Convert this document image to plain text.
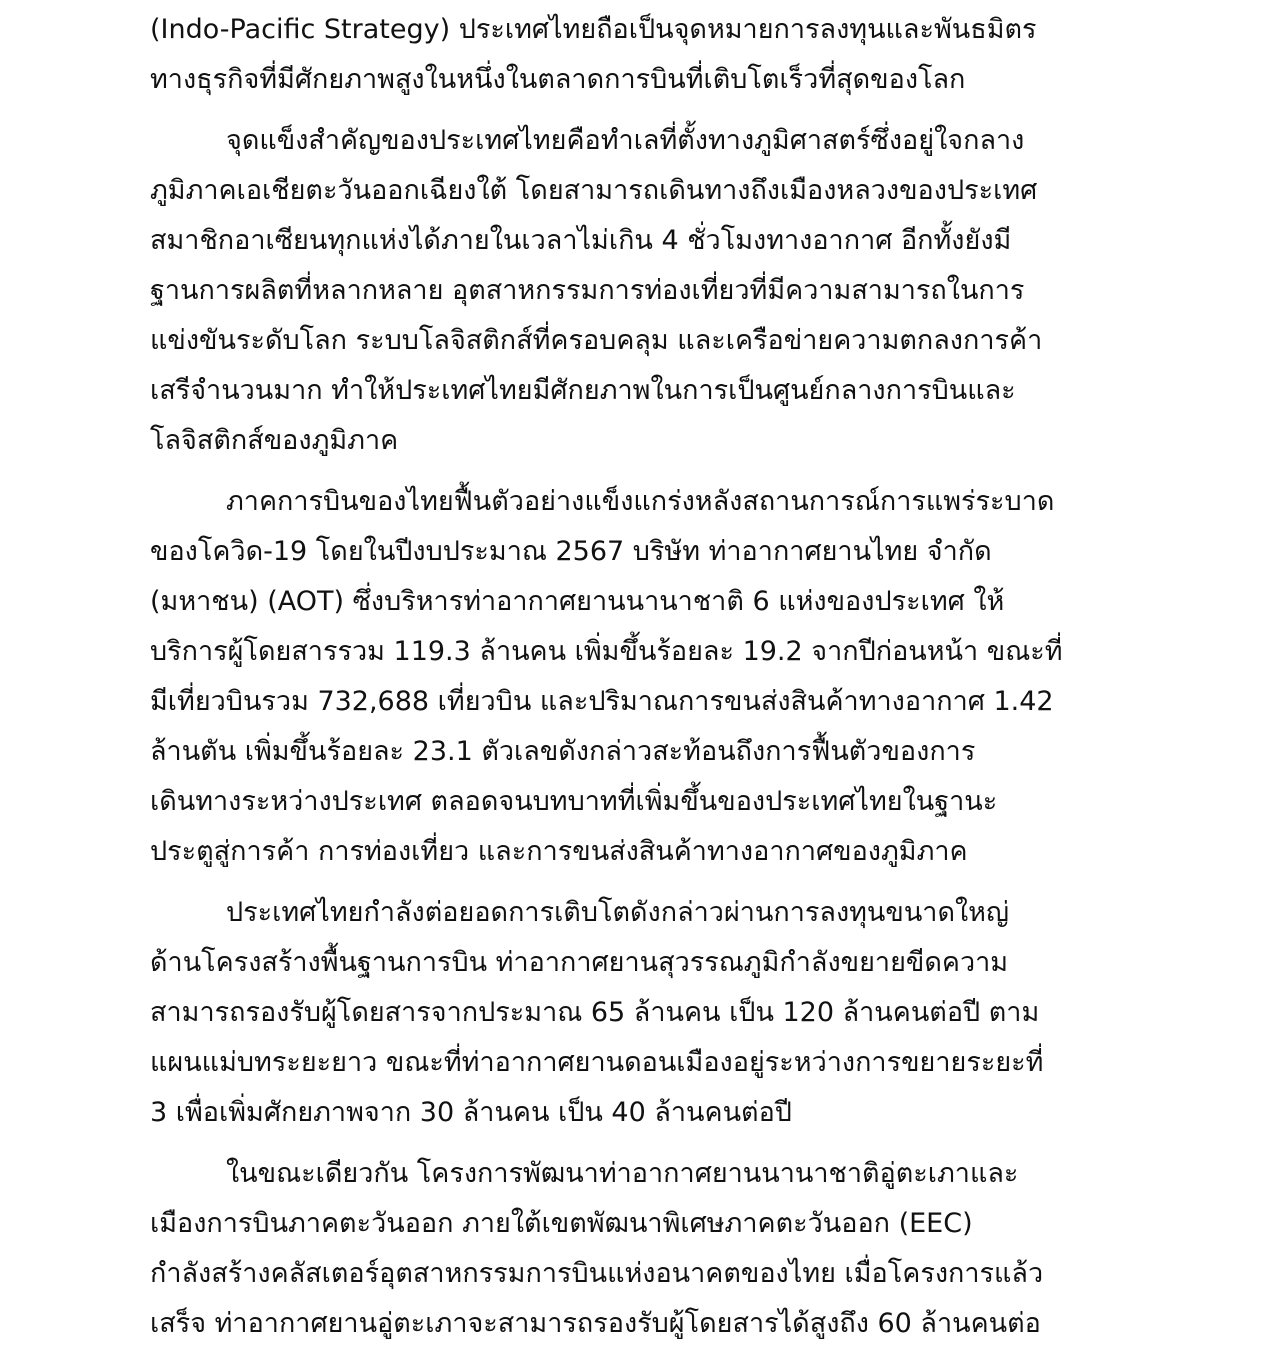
(Indo-Pacific Strategy) ประเทศไทยถือเป็นจุดหมายการลงทุนและพันธมิตร
ทางธุรกิจที่มีศักยภาพสูงในหนึ่งในตลาดการบินที่เติบโตเร็วที่สุดของโลก
จุดแข็งสำคัญของประเทศไทยคือทำเลที่ตั้งทางภูมิศาสตร์ซึ่งอยู่ใจกลาง
ภูมิภาคเอเชียตะวันออกเฉียงใต้ โดยสามารถเดินทางถึงเมืองหลวงของประเทศ
สมาชิกอาเซียนทุกแห่งได้ภายในเวลาไม่เกิน 4 ชั่วโมงทางอากาศ อีกทั้งยังมี
ฐานการผลิตที่หลากหลาย อุตสาหกรรมการท่องเที่ยวที่มีความสามารถในการ
แข่งขันระดับโลก ระบบโลจิสติกส์ที่ครอบคลุม และเครือข่ายความตกลงการค้า
เสรีจำนวนมาก ทำให้ประเทศไทยมีศักยภาพในการเป็นศูนย์กลางการบินและ
โลจิสติกส์ของภูมิภาค
ภาคการบินของไทยฟื้นตัวอย่างแข็งแกร่งหลังสถานการณ์การแพร่ระบาด
ของโควิด-19 โดยในปีงบประมาณ 2567 บริษัท ท่าอากาศยานไทย จำกัด
(มหาชน) (AOT) ซึ่งบริหารท่าอากาศยานนานาชาติ 6 แห่งของประเทศ ให้
บริการผู้โดยสารรวม 119.3 ล้านคน เพิ่มขึ้นร้อยละ 19.2 จากปีก่อนหน้า ขณะที่
มีเที่ยวบินรวม 732,688 เที่ยวบิน และปริมาณการขนส่งสินค้าทางอากาศ 1.42
ล้านตัน เพิ่มขึ้นร้อยละ 23.1 ตัวเลขดังกล่าวสะท้อนถึงการฟื้นตัวของการ
เดินทางระหว่างประเทศ ตลอดจนบทบาทที่เพิ่มขึ้นของประเทศไทยในฐานะ
ประตูสู่การค้า การท่องเที่ยว และการขนส่งสินค้าทางอากาศของภูมิภาค
ประเทศไทยกำลังต่อยอดการเติบโตดังกล่าวผ่านการลงทุนขนาดใหญ่
ด้านโครงสร้างพื้นฐานการบิน ท่าอากาศยานสุวรรณภูมิกำลังขยายขีดความ
สามารถรองรับผู้โดยสารจากประมาณ 65 ล้านคน เป็น 120 ล้านคนต่อปี ตาม
แผนแม่บทระยะยาว ขณะที่ท่าอากาศยานดอนเมืองอยู่ระหว่างการขยายระยะที่
3 เพื่อเพิ่มศักยภาพจาก 30 ล้านคน เป็น 40 ล้านคนต่อปี
ในขณะเดียวกัน โครงการพัฒนาท่าอากาศยานนานาชาติอู่ตะเภาและ
เมืองการบินภาคตะวันออก ภายใต้เขตพัฒนาพิเศษภาคตะวันออก (EEC)
กำลังสร้างคลัสเตอร์อุตสาหกรรมการบินแห่งอนาคตของไทย เมื่อโครงการแล้ว
เสร็จ ท่าอากาศยานอู่ตะเภาจะสามารถรองรับผู้โดยสารได้สูงถึง 60 ล้านคนต่อ
